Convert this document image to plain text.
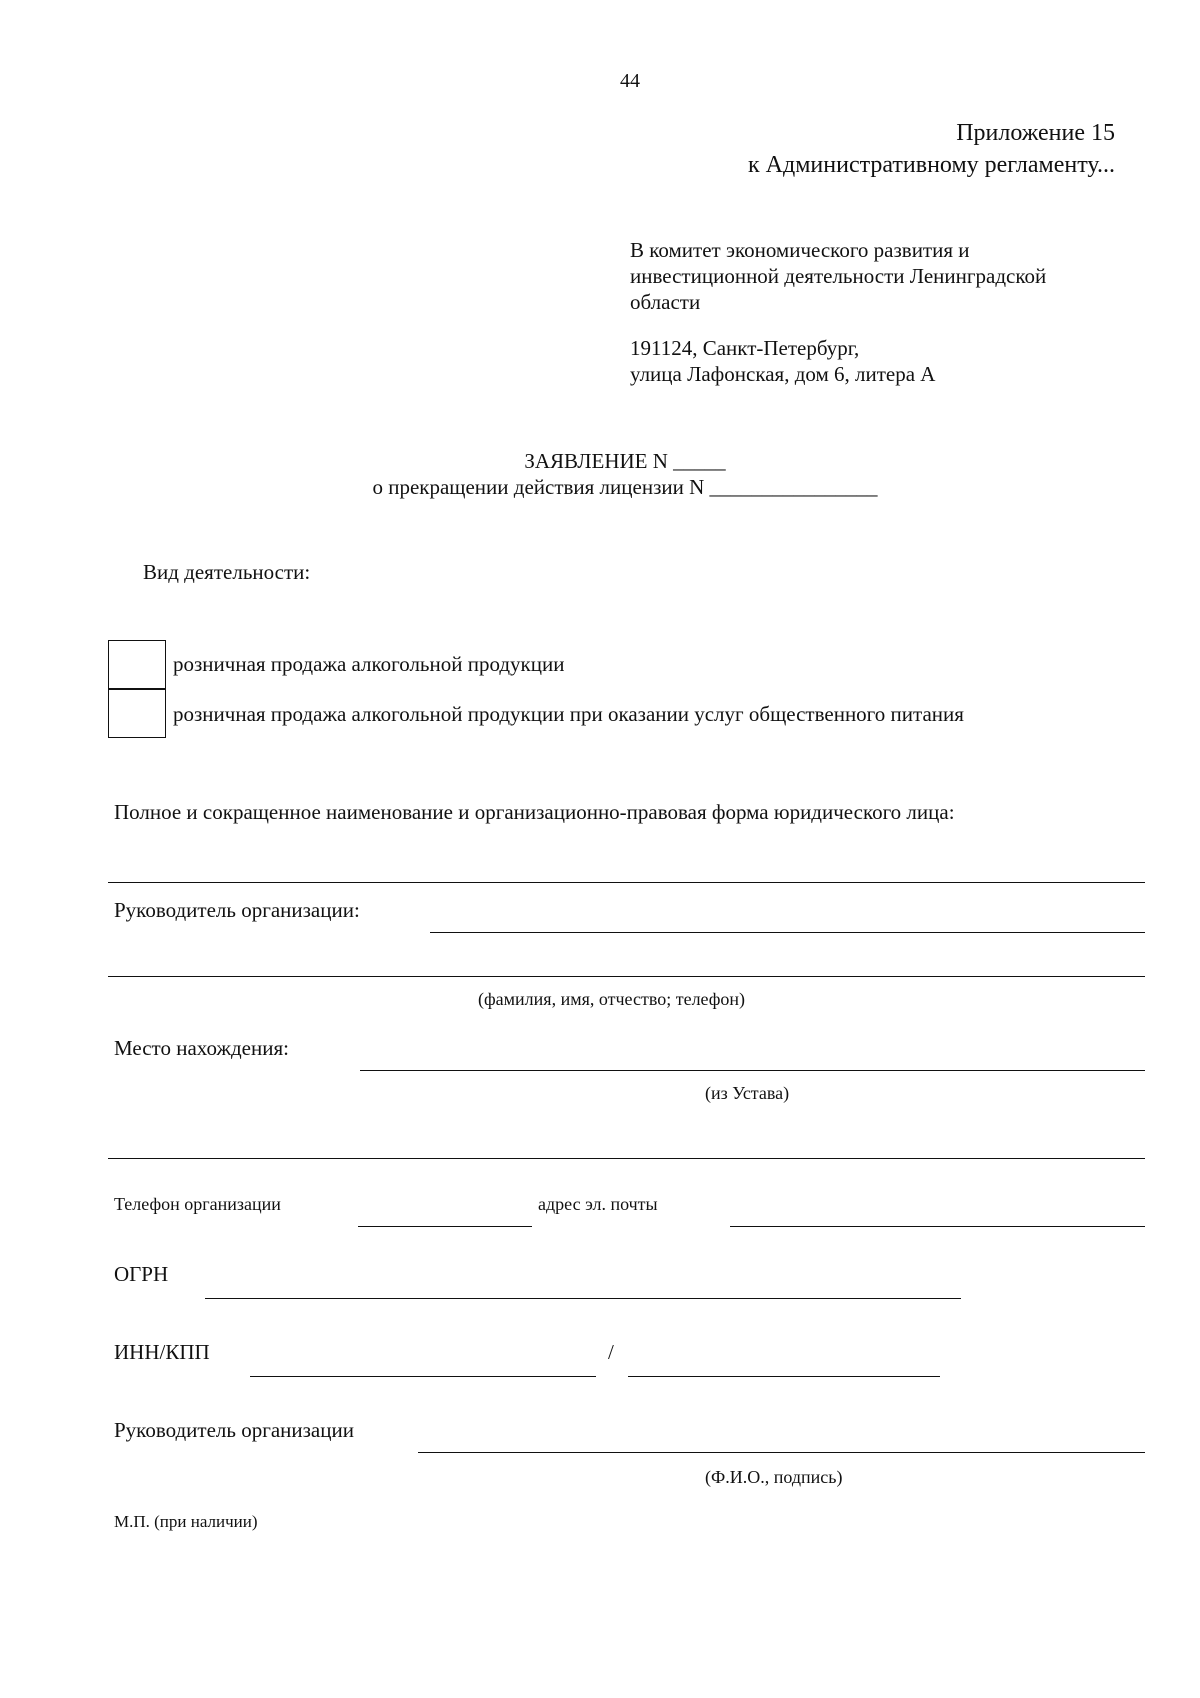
44
Приложение 15
к Административному регламенту...
В комитет экономического развития и
инвестиционной деятельности Ленинградской
области
191124, Санкт-Петербург,
улица Лафонская, дом 6, литера А
ЗАЯВЛЕНИЕ N _____
о прекращении действия лицензии N ________________
Вид деятельности:
розничная продажа алкогольной продукции
розничная продажа алкогольной продукции при оказании услуг общественного питания
Полное и сокращенное наименование и организационно-правовая форма юридического лица:
Руководитель организации:
(фамилия, имя, отчество; телефон)
Место нахождения:
(из Устава)
Телефон организации	адрес эл. почты
ОГРН
ИНН/КПП	/
Руководитель организации
(Ф.И.О., подпись)
М.П. (при наличии)
